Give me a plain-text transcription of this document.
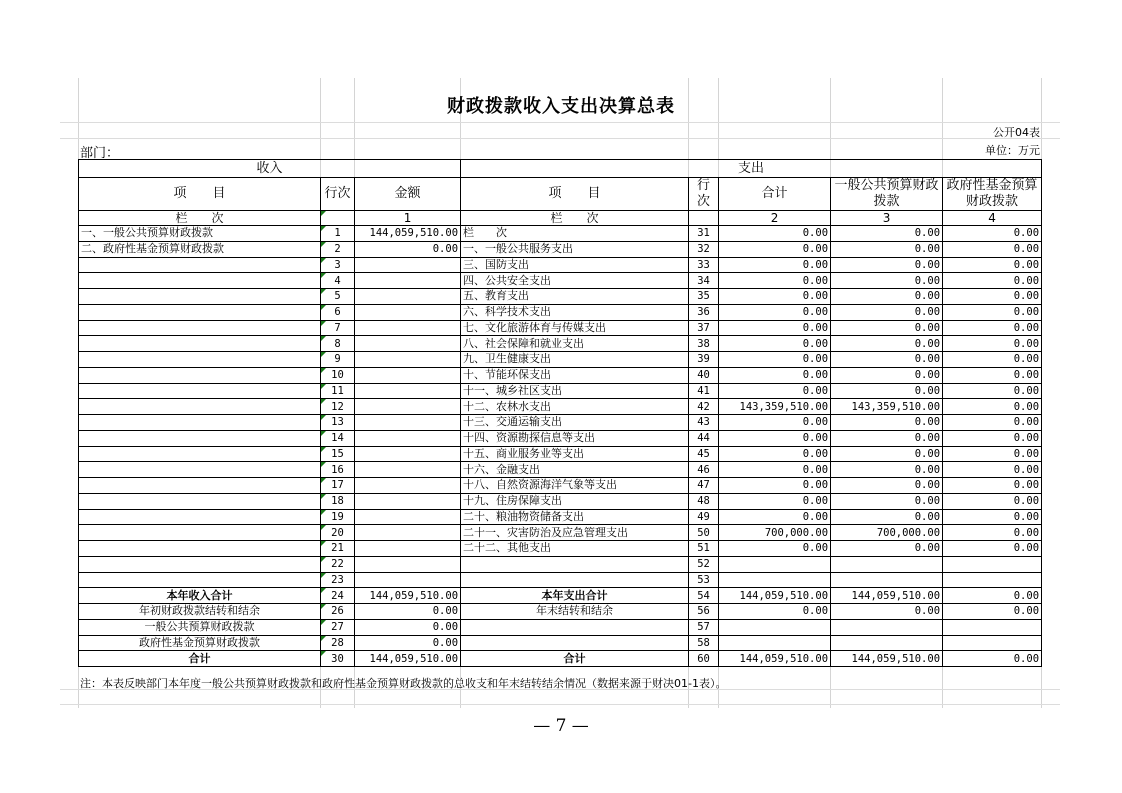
财政拨款收入支出决算总表
公开04表
部门：	单位：万元
收入			支出				
项　　目	行次	金额	项　　目	行次	合计	一般公共预算财政拨款	政府性基金预算财政拨款
栏　　次		1	栏　　次		2	3	4
一、一般公共预算财政拨款	1	144,059,510.00	栏　　次	31	0.00	0.00	0.00
二、政府性基金预算财政拨款	2	0.00	一、一般公共服务支出	32	0.00	0.00	0.00
	3		三、国防支出	33	0.00	0.00	0.00
	4		四、公共安全支出	34	0.00	0.00	0.00
	5		五、教育支出	35	0.00	0.00	0.00
	6		六、科学技术支出	36	0.00	0.00	0.00
	7		七、文化旅游体育与传媒支出	37	0.00	0.00	0.00
	8		八、社会保障和就业支出	38	0.00	0.00	0.00
	9		九、卫生健康支出	39	0.00	0.00	0.00
	10		十、节能环保支出	40	0.00	0.00	0.00
	11		十一、城乡社区支出	41	0.00	0.00	0.00
	12		十二、农林水支出	42	143,359,510.00	143,359,510.00	0.00
	13		十三、交通运输支出	43	0.00	0.00	0.00
	14		十四、资源勘探信息等支出	44	0.00	0.00	0.00
	15		十五、商业服务业等支出	45	0.00	0.00	0.00
	16		十六、金融支出	46	0.00	0.00	0.00
	17		十八、自然资源海洋气象等支出	47	0.00	0.00	0.00
	18		十九、住房保障支出	48	0.00	0.00	0.00
	19		二十、粮油物资储备支出	49	0.00	0.00	0.00
	20		二十一、灾害防治及应急管理支出	50	700,000.00	700,000.00	0.00
	21		二十二、其他支出	51	0.00	0.00	0.00
	22			52			
	23			53			
本年收入合计	24	144,059,510.00	本年支出合计	54	144,059,510.00	144,059,510.00	0.00
年初财政拨款结转和结余	26	0.00	年末结转和结余	56	0.00	0.00	0.00
一般公共预算财政拨款	27	0.00		57			
政府性基金预算财政拨款	28	0.00		58			
合计	30	144,059,510.00	合计	60	144,059,510.00	144,059,510.00	0.00
注：本表反映部门本年度一般公共预算财政拨款和政府性基金预算财政拨款的总收支和年末结转结余情况（数据来源于财决01-1表）。
— 7 —
